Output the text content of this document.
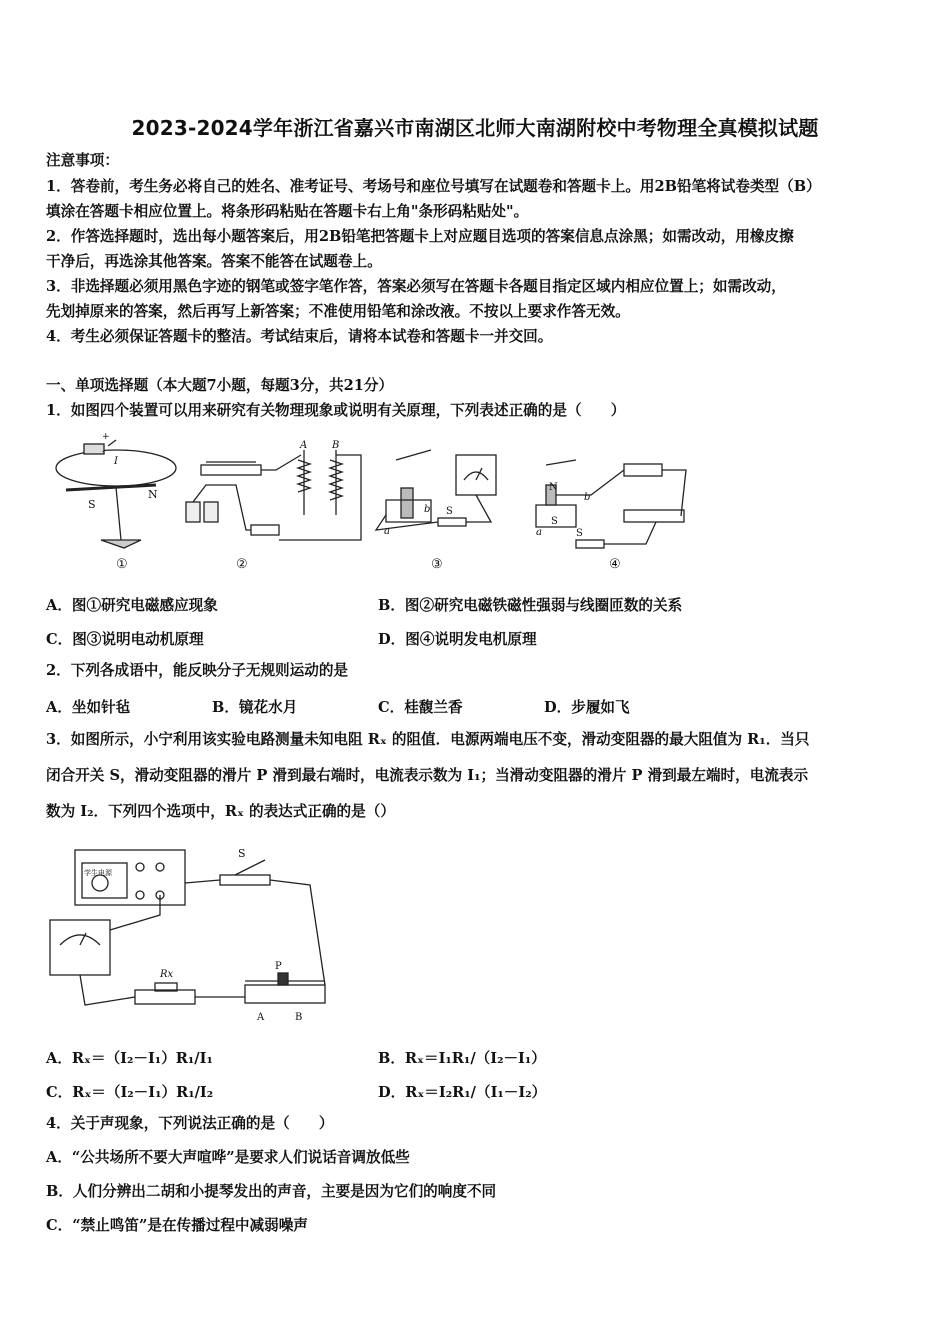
2023-2024学年浙江省嘉兴市南湖区北师大南湖附校中考物理全真模拟试题
注意事项：
1．答卷前，考生务必将自己的姓名、准考证号、考场号和座位号填写在试题卷和答题卡上。用2B铅笔将试卷类型（B）
填涂在答题卡相应位置上。将条形码粘贴在答题卡右上角"条形码粘贴处"。
2．作答选择题时，选出每小题答案后，用2B铅笔把答题卡上对应题目选项的答案信息点涂黑；如需改动，用橡皮擦
干净后，再选涂其他答案。答案不能答在试题卷上。
3．非选择题必须用黑色字迹的钢笔或签字笔作答，答案必须写在答题卡各题目指定区域内相应位置上；如需改动，
先划掉原来的答案，然后再写上新答案；不准使用铅笔和涂改液。不按以上要求作答无效。
4．考生必须保证答题卡的整洁。考试结束后，请将本试卷和答题卡一并交回。
一、单项选择题（本大题7小题，每题3分，共21分）
1．如图四个装置可以用来研究有关物理现象或说明有关原理，下列表述正确的是（　　）
S
N
I
-
+
①
A B
②
a
b S
③
N
S
S
b
a
④
A．图①研究电磁感应现象	B．图②研究电磁铁磁性强弱与线圈匝数的关系
C．图③说明电动机原理	D．图④说明发电机原理
2．下列各成语中，能反映分子无规则运动的是
A．坐如针毡	B．镜花水月	C．桂馥兰香	D．步履如飞
3．如图所示，小宁利用该实验电路测量未知电阻 Rₓ 的阻值．电源两端电压不变，滑动变阻器的最大阻值为 R₁．当只
闭合开关 S，滑动变阻器的滑片 P 滑到最右端时，电流表示数为 I₁；当滑动变阻器的滑片 P 滑到最左端时，电流表示
数为 I₂．下列四个选项中，Rₓ 的表达式正确的是（）
学生电源
S
Rx
P
A	B
A．Rₓ＝（I₂－I₁）R₁/I₁	B．Rₓ＝I₁R₁/（I₂－I₁）
C．Rₓ＝（I₂－I₁）R₁/I₂	D．Rₓ＝I₂R₁/（I₁－I₂）
4．关于声现象，下列说法正确的是（　　）
A．“公共场所不要大声喧哗”是要求人们说话音调放低些
B．人们分辨出二胡和小提琴发出的声音，主要是因为它们的响度不同
C．“禁止鸣笛”是在传播过程中减弱噪声
